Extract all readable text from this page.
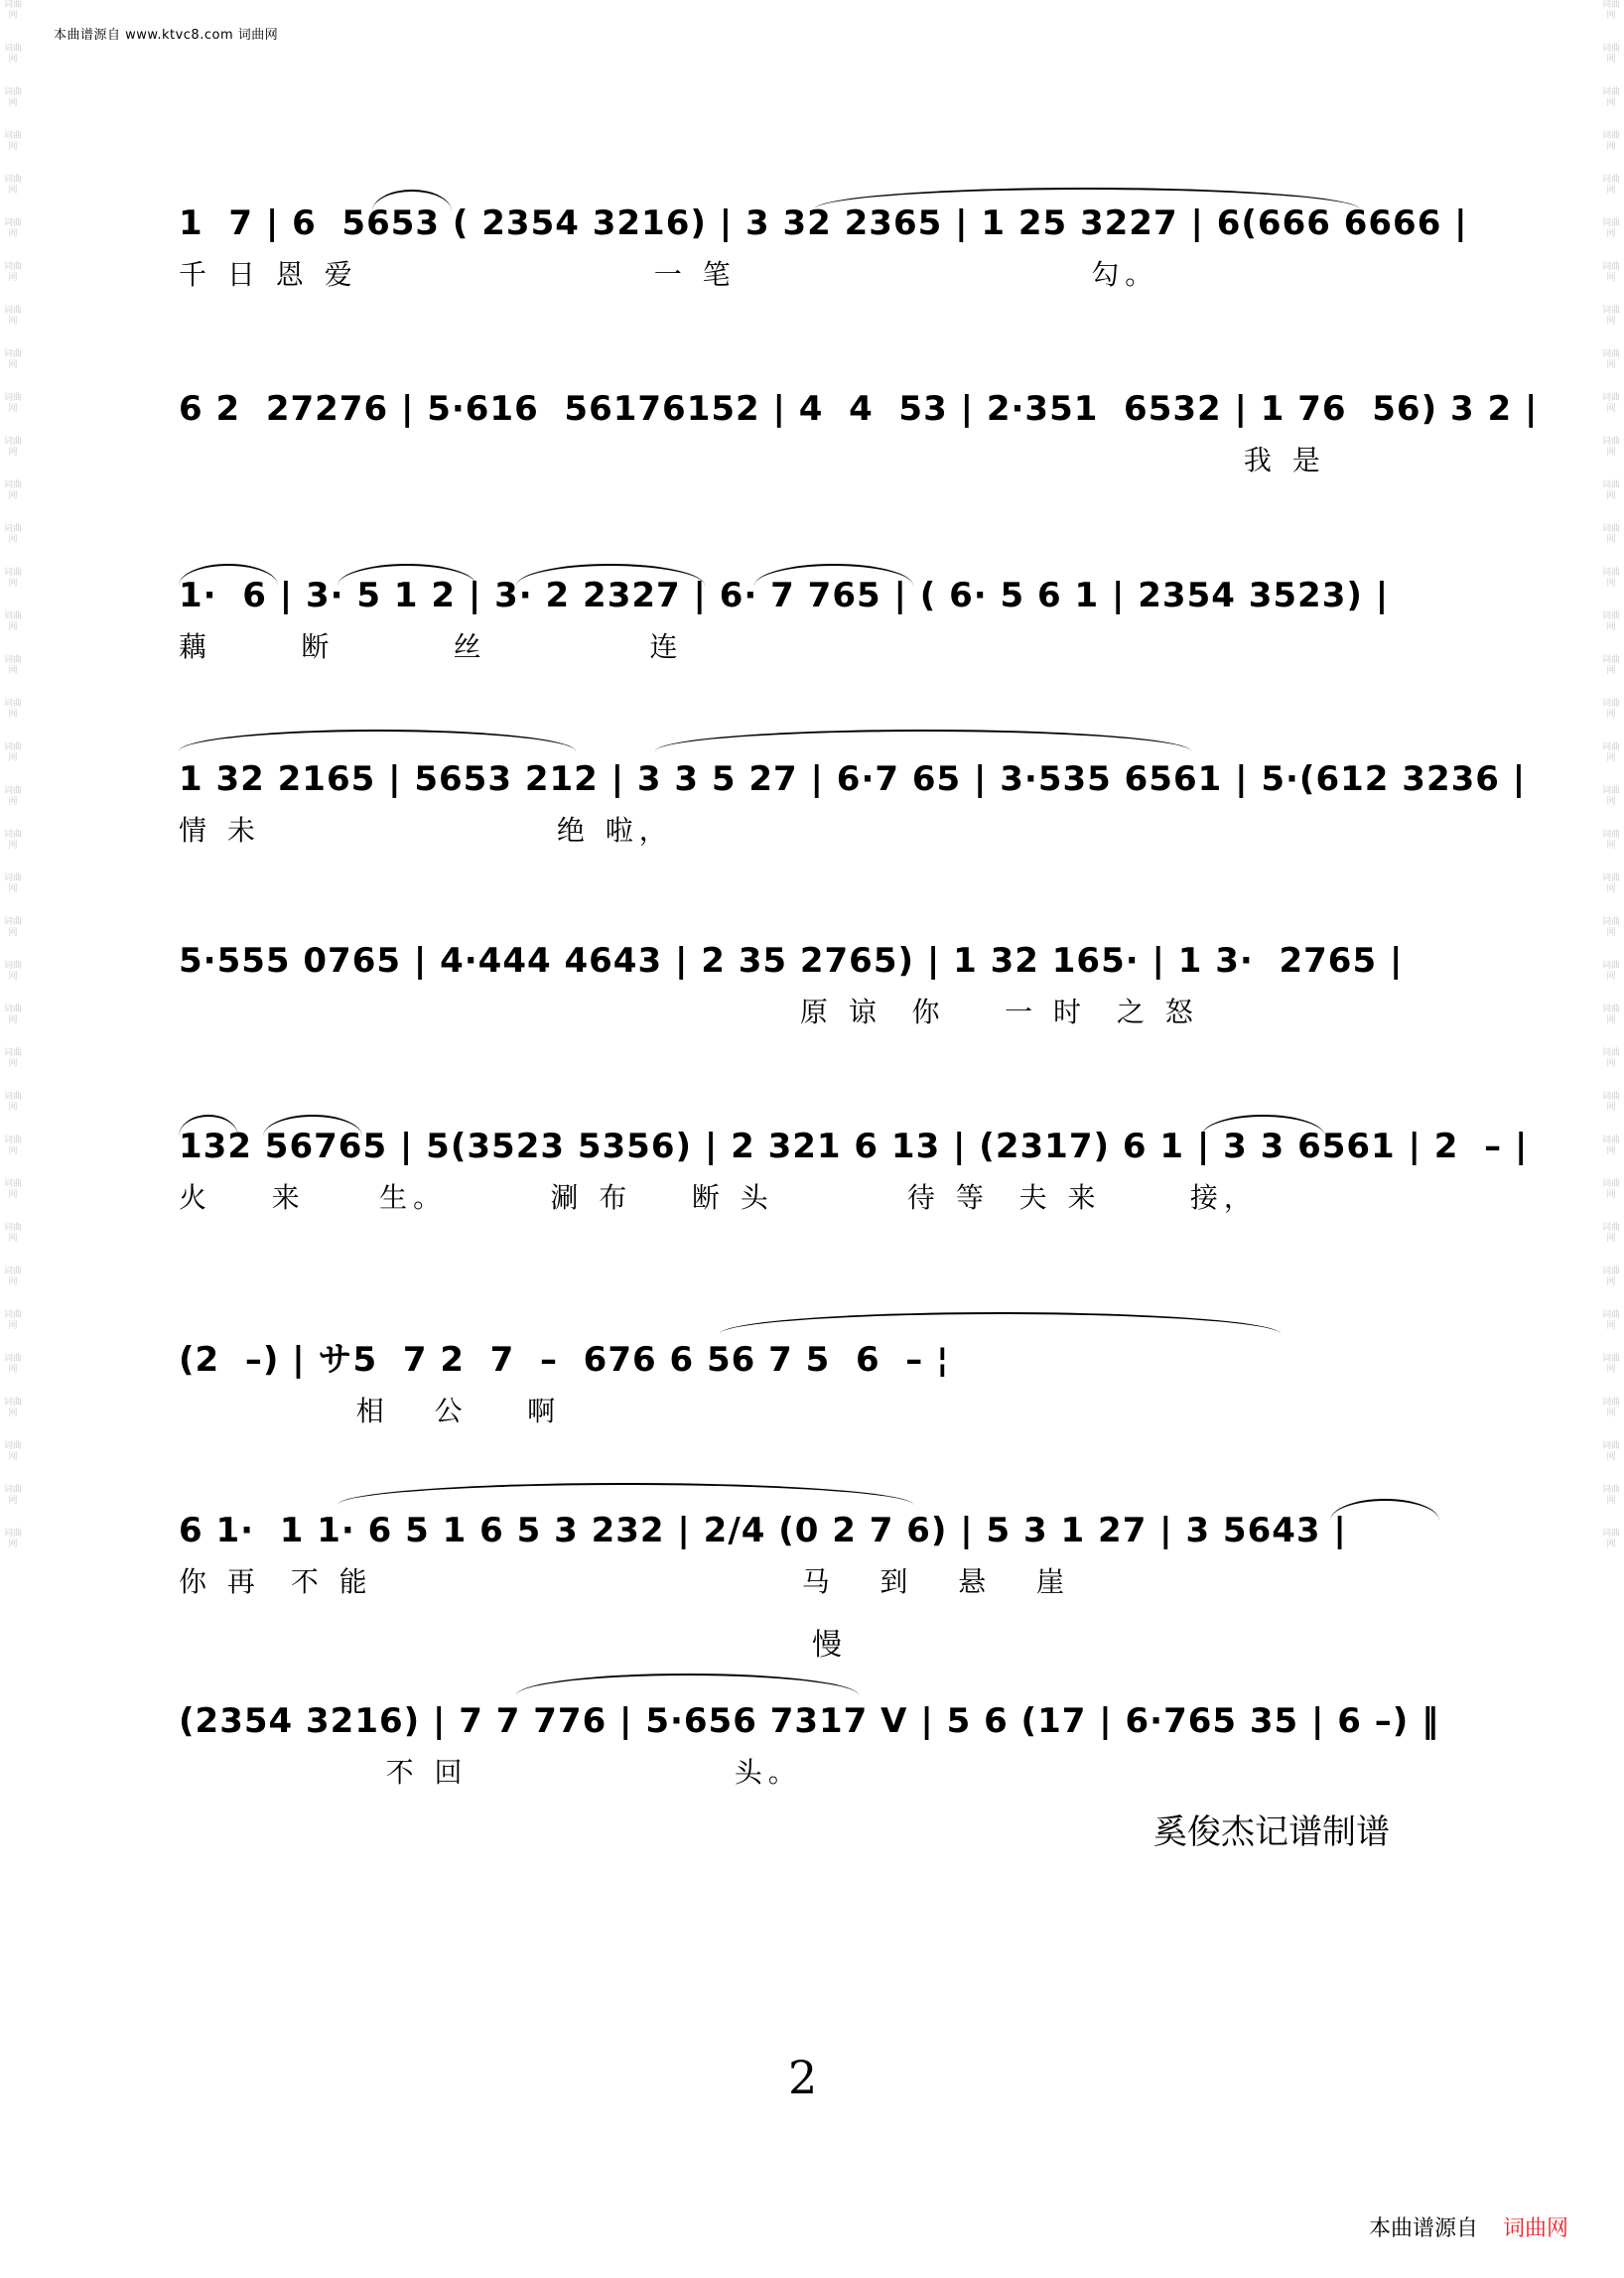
词曲网
词曲网
词曲网
词曲网
词曲网
词曲网
词曲网
词曲网
词曲网
词曲网
词曲网
词曲网
词曲网
词曲网
词曲网
词曲网
词曲网
词曲网
词曲网
词曲网
词曲网
词曲网
词曲网
词曲网
词曲网
词曲网
词曲网
词曲网
词曲网
词曲网
词曲网
词曲网
词曲网
词曲网
词曲网
词曲网
词曲网
词曲网
词曲网
词曲网
词曲网
词曲网
词曲网
词曲网
词曲网
词曲网
词曲网
词曲网
词曲网
词曲网
词曲网
词曲网
词曲网
词曲网
词曲网
词曲网
词曲网
词曲网
词曲网
词曲网
词曲网
词曲网
词曲网
词曲网
词曲网
词曲网
词曲网
词曲网
词曲网
词曲网
词曲网
词曲网
本曲谱源自 www.ktvc8.com 词曲网
1  7 | 6  5653 ( 2354 3216) | 3 32 2365 | 1 25 3227 | 6(666 6666 |
千 日 恩 爱                    一 笔                        勾。
6 2  27276 | 5·616  56176152 | 4  4  53 | 2·351  6532 | 1 76  56) 3 2 |
我 是
1·  6 | 3· 5 1 2 | 3· 2 2327 | 6· 7 765 | ( 6· 5 6 1 | 2354 3523) |
藕      断        丝           连
1 32 2165 | 5653 212 | 3 3 5 27 | 6·7 65 | 3·535 6561 | 5·(612 3236 |
情 未                    绝 啦，
5·555 0765 | 4·444 4643 | 2 35 2765) | 1 32 165· | 1 3·  2765 |
原 谅  你    一 时  之 怒
132 56765 | 5(3523 5356) | 2 321 6 13 | (2317) 6 1 | 3 3 6561 | 2  – |
火    来     生。       涮 布    断 头         待 等  夫 来      接，
(2  –) | サ5  7 2  7  –  676 6 56 7 5  6  – ¦
相   公    啊
6 1·  1 1· 6 5 1 6 5 3 232 | 2/4 (0 2 7 6) | 5 3 1 27 | 3 5643 |
你 再  不 能                             马   到   悬   崖
慢
(2354 3216) | 7 7 776 | 5·656 7317 V | 5 6 (17 | 6·765 35 | 6 –) ‖
不 回                  头。
奚俊杰记谱制谱
2
本曲谱源自 词曲网
